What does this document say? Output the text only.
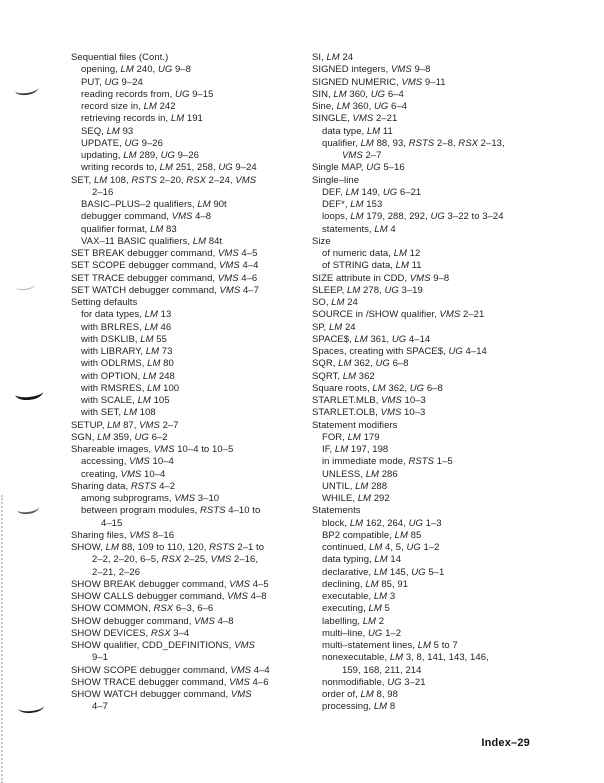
Sequential files (Cont.)
opening, LM 240, UG 9–8
PUT, UG 9–24
reading records from, UG 9–15
record size in, LM 242
retrieving records in, LM 191
SEQ, LM 93
UPDATE, UG 9–26
updating, LM 289, UG 9–26
writing records to, LM 251, 258, UG 9–24
SET, LM 108, RSTS 2–20, RSX 2–24, VMS
2–16
BASIC–PLUS–2 qualifiers, LM 90t
debugger command, VMS 4–8
qualifier format, LM 83
VAX–11 BASIC qualifiers, LM 84t
SET BREAK debugger command, VMS 4–5
SET SCOPE debugger command, VMS 4–4
SET TRACE debugger command, VMS 4–6
SET WATCH debugger command, VMS 4–7
Setting defaults
for data types, LM 13
with BRLRES, LM 46
with DSKLIB, LM 55
with LIBRARY, LM 73
with ODLRMS, LM 80
with OPTION, LM 248
with RMSRES, LM 100
with SCALE, LM 105
with SET, LM 108
SETUP, LM 87, VMS 2–7
SGN, LM 359, UG 6–2
Shareable images, VMS 10–4 to 10–5
accessing, VMS 10–4
creating, VMS 10–4
Sharing data, RSTS 4–2
among subprograms, VMS 3–10
between program modules, RSTS 4–10 to
4–15
Sharing files, VMS 8–16
SHOW, LM 88, 109 to 110, 120, RSTS 2–1 to
2–2, 2–20, 6–5, RSX 2–25, VMS 2–16,
2–21, 2–26
SHOW BREAK debugger command, VMS 4–5
SHOW CALLS debugger command, VMS 4–8
SHOW COMMON, RSX 6–3, 6–6
SHOW debugger command, VMS 4–8
SHOW DEVICES, RSX 3–4
SHOW qualifier, CDD_DEFINITIONS, VMS
9–1
SHOW SCOPE debugger command, VMS 4–4
SHOW TRACE debugger command, VMS 4–6
SHOW WATCH debugger command, VMS
4–7
SI, LM 24
SIGNED integers, VMS 9–8
SIGNED NUMERIC, VMS 9–11
SIN, LM 360, UG 6–4
Sine, LM 360, UG 6–4
SINGLE, VMS 2–21
data type, LM 11
qualifier, LM 88, 93, RSTS 2–8, RSX 2–13,
VMS 2–7
Single MAP, UG 5–16
Single–line
DEF, LM 149, UG 6–21
DEF*, LM 153
loops, LM 179, 288, 292, UG 3–22 to 3–24
statements, LM 4
Size
of numeric data, LM 12
of STRING data, LM 11
SIZE attribute in CDD, VMS 9–8
SLEEP, LM 278, UG 3–19
SO, LM 24
SOURCE in /SHOW qualifier, VMS 2–21
SP, LM 24
SPACE$, LM 361, UG 4–14
Spaces, creating with SPACE$, UG 4–14
SQR, LM 362, UG 6–8
SQRT, LM 362
Square roots, LM 362, UG 6–8
STARLET.MLB, VMS 10–3
STARLET.OLB, VMS 10–3
Statement modifiers
FOR, LM 179
IF, LM 197, 198
in immediate mode, RSTS 1–5
UNLESS, LM 286
UNTIL, LM 288
WHILE, LM 292
Statements
block, LM 162, 264, UG 1–3
BP2 compatible, LM 85
continued, LM 4, 5, UG 1–2
data typing, LM 14
declarative, LM 145, UG 5–1
declining, LM 85, 91
executable, LM 3
executing, LM 5
labelling, LM 2
multi–line, UG 1–2
multi–statement lines, LM 5 to 7
nonexecutable, LM 3, 8, 141, 143, 146,
159, 168, 211, 214
nonmodifiable, UG 3–21
order of, LM 8, 98
processing, LM 8
Index–29
